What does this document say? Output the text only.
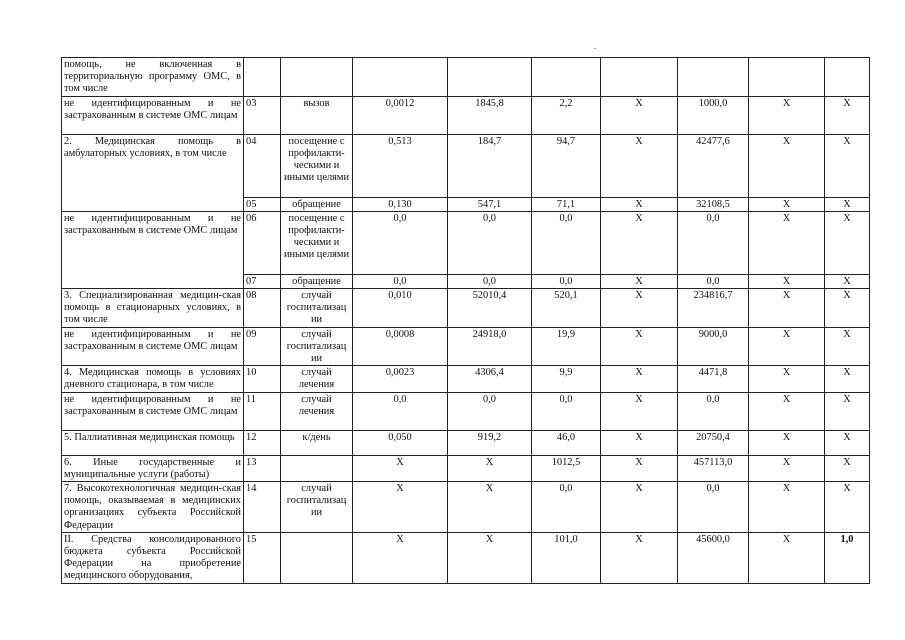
помощь, не включенная в территориальную программу ОМС, в том числе									
не идентифицированным и не застрахованным в системе ОМС лицам	03	вызов	0,0012	1845,8	2,2	X	1000,0	X	X
2. Медицинская помощь в амбулаторных условиях, в том числе	04	посещение с профилакти-ческими и иными целями	0,513	184,7	94,7	X	42477,6	X	X
	05	обращение	0,130	547,1	71,1	X	32108,5	X	X
не идентифицированным и не застрахованным в системе ОМС лицам	06	посещение с профилакти-ческими и иными целями	0,0	0,0	0,0	X	0,0	X	X
	07	обращение	0,0	0,0	0,0	X	0,0	X	X
3. Специализированная медицин-ская помощь в стационарных условиях, в том числе	08	случай госпитализац ии	0,010	52010,4	520,1	X	234816,7	X	X
не идентифицированным и не застрахованным в системе ОМС лицам	09	случай госпитализац ии	0,0008	24918,0	19,9	X	9000,0	X	X
4. Медицинская помощь в условиях дневного стационара, в том числе	10	случай лечения	0,0023	4306,4	9,9	X	4471,8	X	X
не идентифицированным и не застрахованным в системе ОМС лицам	11	случай лечения	0,0	0,0	0,0	X	0,0	X	X
5. Паллиативная медицинская помощь	12	к/день	0,050	919,2	46,0	X	20750,4	X	X
6. Иные государственные и муниципальные услуги (работы)	13		X	X	1012,5	X	457113,0	X	X
7. Высокотехнологичная медицин-ская помощь, оказываемая в медицинских организациях субъекта Российской Федерации	14	случай госпитализац ии	X	X	0,0	X	0,0	X	X
II. Средства консолидированного бюджета субъекта Российской Федерации на приобретение медицинского оборудования,	15		X	X	101,0	X	45600,0	X	1,0
